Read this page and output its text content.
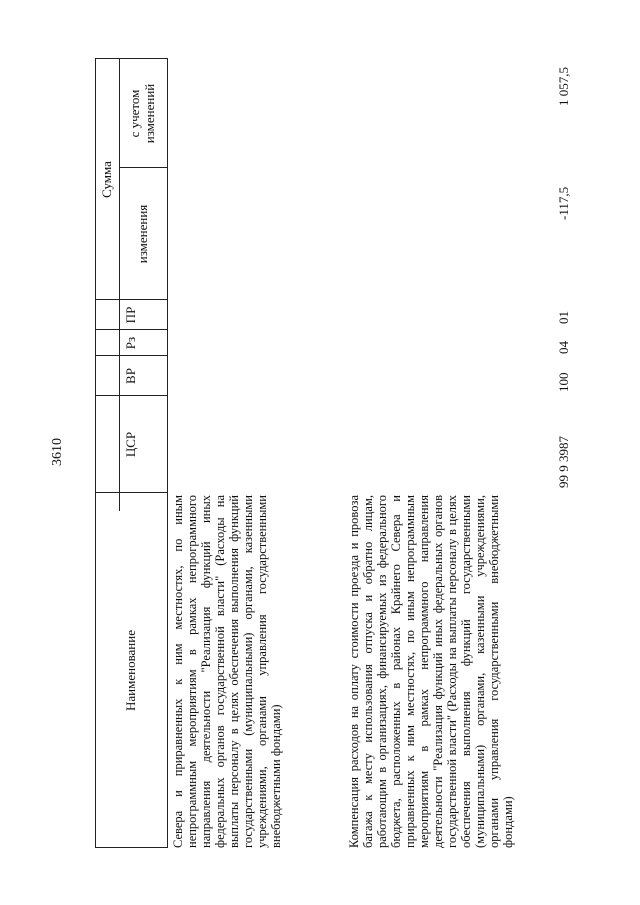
3610
Наименование
ЦСР
ВР
Рз
ПР
Сумма
изменения
с учетом изменений
Севера и приравненных к ним местностях, по иным непрограммным мероприятиям в рамках непрограммного направления деятельности "Реализация функций иных федеральных органов государственной власти" (Расходы на выплаты персоналу в целях обеспечения выполнения функций государственными (муниципальными) органами, казенными учреждениями, органами управления государственными внебюджетными фондами)	Компенсация расходов на оплату стоимости проезда и провоза багажа к месту использования отпуска и обратно лицам, работающим в организациях, финансируемых из федерального бюджета, расположенных в районах Крайнего Севера и приравненных к ним местностях, по иным непрограммным мероприятиям в рамках непрограммного направления деятельности "Реализация функций иных федеральных органов государственной власти" (Расходы на выплаты персоналу в целях обеспечения выполнения функций государственными (муниципальными) органами, казенными учреждениями, органами управления государственными внебюджетными фондами)
99 9 3987
100
04
01
-117,5
1 057,5
